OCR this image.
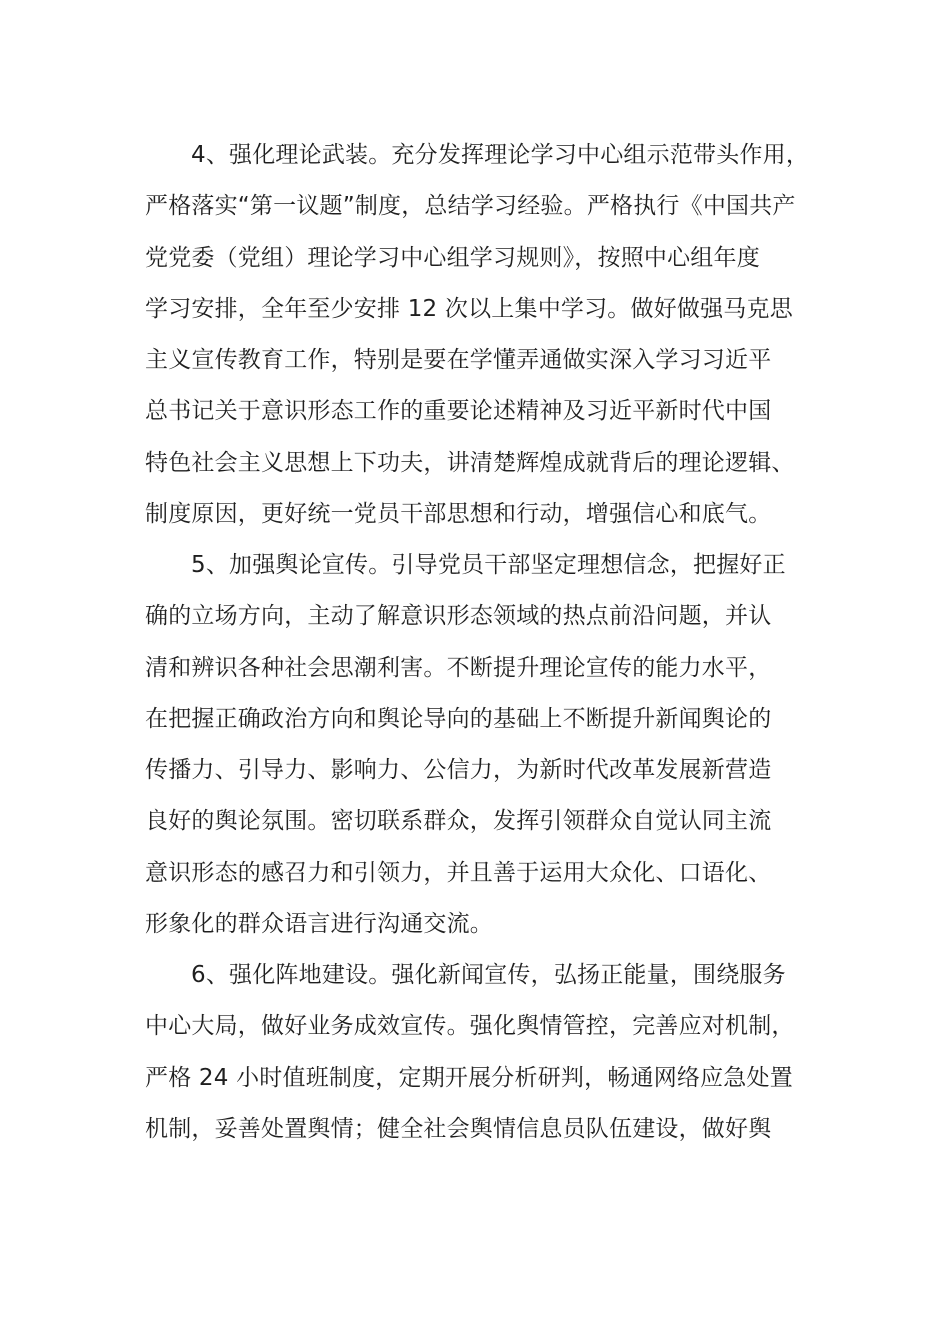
4、强化理论武装。充分发挥理论学习中心组示范带头作用，
严格落实“第一议题”制度，总结学习经验。严格执行《中国共产
党党委（党组）理论学习中心组学习规则》，按照中心组年度
学习安排，全年至少安排 12 次以上集中学习。做好做强马克思
主义宣传教育工作，特别是要在学懂弄通做实深入学习习近平
总书记关于意识形态工作的重要论述精神及习近平新时代中国
特色社会主义思想上下功夫，讲清楚辉煌成就背后的理论逻辑、
制度原因，更好统一党员干部思想和行动，增强信心和底气。
5、加强舆论宣传。引导党员干部坚定理想信念，把握好正
确的立场方向，主动了解意识形态领域的热点前沿问题，并认
清和辨识各种社会思潮利害。不断提升理论宣传的能力水平，
在把握正确政治方向和舆论导向的基础上不断提升新闻舆论的
传播力、引导力、影响力、公信力，为新时代改革发展新营造
良好的舆论氛围。密切联系群众，发挥引领群众自觉认同主流
意识形态的感召力和引领力，并且善于运用大众化、口语化、
形象化的群众语言进行沟通交流。
6、强化阵地建设。强化新闻宣传，弘扬正能量，围绕服务
中心大局，做好业务成效宣传。强化舆情管控，完善应对机制，
严格 24 小时值班制度，定期开展分析研判，畅通网络应急处置
机制，妥善处置舆情；健全社会舆情信息员队伍建设，做好舆
